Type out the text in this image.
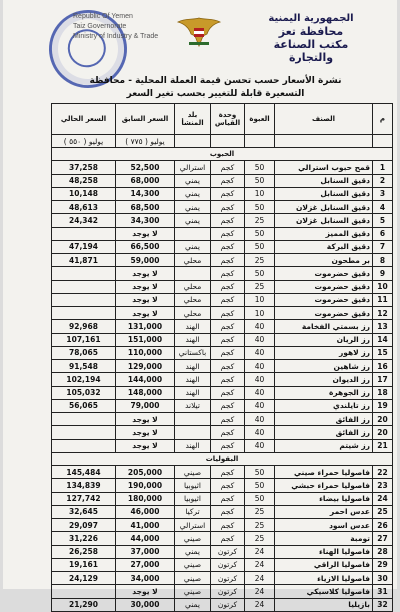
Republic Of Yemen
Taiz Governorate
Ministry of Industry & Trade
الجمهورية اليمنية
محافظة تعز
مكتب الصناعة والتجارة
نشرة الأسعار حسب تحسن قيمة العملة المحلية - محافظة
التسعيرة قابلة للتغيير بحسب تغير السعر
م	الصنف	العبوة	وحدة القياس	بلد المنشأ	السعر السابق	السعر الحالي

					يوليو ( ٧٧٥ )	يوليو ( ٥٥٠ )
الحبوب						
1	قمح حبوب استرالي	50	كجم	استرالي	52,500	37,258
2	دقيق السنابل	50	كجم	يمني	68,000	48,258
3	دقيق السنابل	10	كجم	يمني	14,300	10,148
4	دقيق السنابل غزلان	50	كجم	يمني	68,500	48,613
5	دقيق السنابل غزلان	25	كجم	يمني	34,300	24,342
6	دقيق المميز	50	كجم		لا يوجد	
7	دقيق البركة	50	كجم	يمني	66,500	47,194
8	بر مطحون	25	كجم	محلي	59,000	41,871
9	دقيق حضرموت	50	كجم		لا يوجد	
10	دقيق حضرموت	25	كجم	محلي	لا يوجد	
11	دقيق حضرموت	10	كجم	محلي	لا يوجد	
12	دقيق حضرموت	10	كجم	محلي	لا يوجد	
13	رز بسمتي الفخامة	40	كجم	الهند	131,000	92,968
14	رز الريان	40	كجم	الهند	151,000	107,161
15	رز لاهور	40	كجم	باكستاني	110,000	78,065
16	رز شاهين	40	كجم	الهند	129,000	91,548
17	رز الديوان	40	كجم	الهند	144,000	102,194
18	رز الجوهرة	40	كجم	الهند	148,000	105,032
19	رز تايلندي	40	كجم	تيلاند	79,000	56,065
20	رز الفائق	40	كجم		لا يوجد	
20	رز الفائق	40	كجم		لا يوجد	
21	رز شيتم	40	كجم	الهند	لا يوجد	
البقوليات						
22	فاصوليا حمراء صيني	50	كجم	صيني	205,000	145,484
23	فاصوليا حمراء حبشي	50	كجم	اثيوبيا	190,000	134,839
24	فاصوليا بيضاء	50	كجم	اثيوبيا	180,000	127,742
25	عدس احمر	25	كجم	تركيا	46,000	32,645
26	عدس اسود	25	كجم	استرالي	41,000	29,097
27	تومبة	25	كجم	صيني	44,000	31,226
28	فاصوليا الهناء	24	كرتون	يمني	37,000	26,258
29	فاصوليا الراقي	24	كرتون	صيني	27,000	19,161
30	فاصوليا الازياء	24	كرتون	صيني	34,000	24,129
31	فاصوليا كلاسيكي	24	كرتون	صيني	لا يوجد	
32	بازيليا	24	كرتون	يمني	30,000	21,290
